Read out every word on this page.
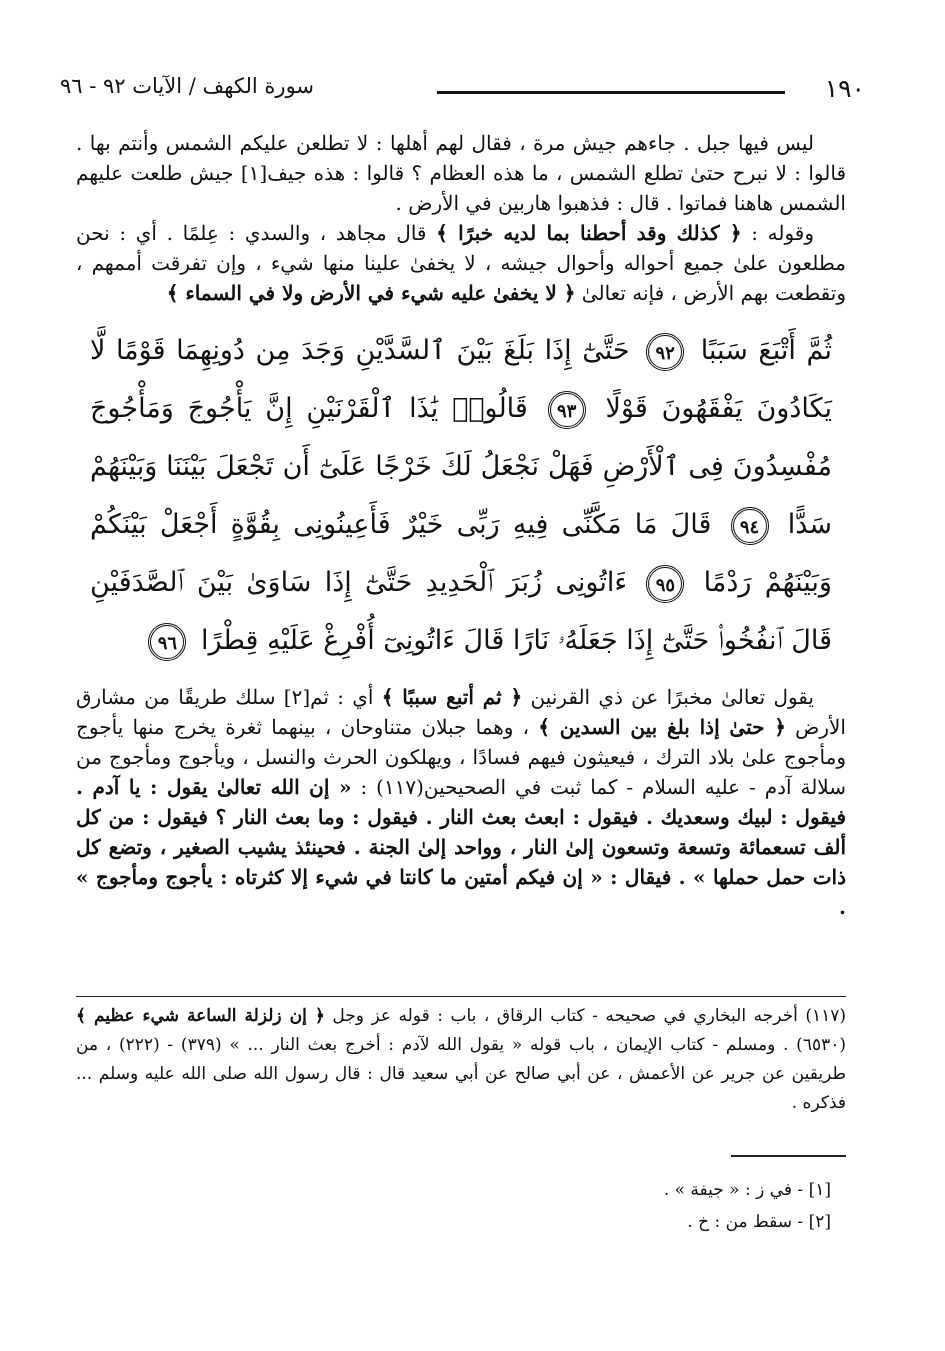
١٩٠
سورة الكهف / الآيات ٩٢ - ٩٦

ليس فيها جبل . جاءهم جيش مرة ، فقال لهم أهلها : لا تطلعن عليكم الشمس وأنتم بها . قالوا : لا نبرح حتىٰ تطلع الشمس ، ما هذه العظام ؟ قالوا : هذه جيف[١] جيش طلعت عليهم الشمس هاهنا فماتوا . قال : فذهبوا هاربين في الأرض .

وقوله : ﴿ كذلك وقد أحطنا بما لديه خبرًا ﴾ قال مجاهد ، والسدي : عِلمًا . أي : نحن مطلعون علىٰ جميع أحواله وأحوال جيشه ، لا يخفىٰ علينا منها شيء ، وإن تفرقت أممهم ، وتقطعت بهم الأرض ، فإنه تعالىٰ ﴿ لا يخفىٰ عليه شيء في الأرض ولا في السماء ﴾

ثُمَّ أَتْبَعَ سَبَبًا ٩٢ حَتَّىٰٓ إِذَا بَلَغَ بَيْنَ ٱلسَّدَّيْنِ وَجَدَ مِن دُونِهِمَا قَوْمًا لَّا يَكَادُونَ يَفْقَهُونَ قَوْلًا ٩٣ قَالُوا۟ يَٰذَا ٱلْقَرْنَيْنِ إِنَّ يَأْجُوجَ وَمَأْجُوجَ مُفْسِدُونَ فِى ٱلْأَرْضِ فَهَلْ نَجْعَلُ لَكَ خَرْجًا عَلَىٰٓ أَن تَجْعَلَ بَيْنَنَا وَبَيْنَهُمْ سَدًّا ٩٤ قَالَ مَا مَكَّنِّى فِيهِ رَبِّى خَيْرٌ فَأَعِينُونِى بِقُوَّةٍ أَجْعَلْ بَيْنَكُمْ وَبَيْنَهُمْ رَدْمًا ٩٥ ءَاتُونِى زُبَرَ ٱلْحَدِيدِ حَتَّىٰٓ إِذَا سَاوَىٰ بَيْنَ ٱلصَّدَفَيْنِ قَالَ ٱنفُخُوا۟ حَتَّىٰٓ إِذَا جَعَلَهُۥ نَارًا قَالَ ءَاتُونِىٓ أُفْرِغْ عَلَيْهِ قِطْرًا ٩٦

يقول تعالىٰ مخبرًا عن ذي القرنين ﴿ ثم أتبع سببًا ﴾ أي : ثم[٢] سلك طريقًا من مشارق الأرض ﴿ حتىٰ إذا بلغ بين السدين ﴾ ، وهما جبلان متناوحان ، بينهما ثغرة يخرج منها يأجوج ومأجوج علىٰ بلاد الترك ، فيعيثون فيهم فسادًا ، ويهلكون الحرث والنسل ، ويأجوج ومأجوج من سلالة آدم - عليه السلام - كما ثبت في الصحيحين(١١٧) : « إن الله تعالىٰ يقول : يا آدم . فيقول : لبيك وسعديك . فيقول : ابعث بعث النار . فيقول : وما بعث النار ؟ فيقول : من كل ألف تسعمائة وتسعة وتسعون إلىٰ النار ، وواحد إلىٰ الجنة . فحينئذ يشيب الصغير ، وتضع كل ذات حمل حملها » . فيقال : « إن فيكم أمتين ما كانتا في شيء إلا كثرتاه : يأجوج ومأجوج » .

(١١٧) أخرجه البخاري في صحيحه - كتاب الرقاق ، باب : قوله عز وجل ﴿ إن زلزلة الساعة شيء عظيم ﴾ (٦٥٣٠) . ومسلم - كتاب الإيمان ، باب قوله « يقول الله لآدم : أخرج بعث النار ... » (٣٧٩) - (٢٢٢) ، من طريقين عن جرير عن الأعمش ، عن أبي صالح عن أبي سعيد قال : قال رسول الله صلى الله عليه وسلم ... فذكره .

[١] - في ز : « جيفة » .

[٢] - سقط من : خ .
